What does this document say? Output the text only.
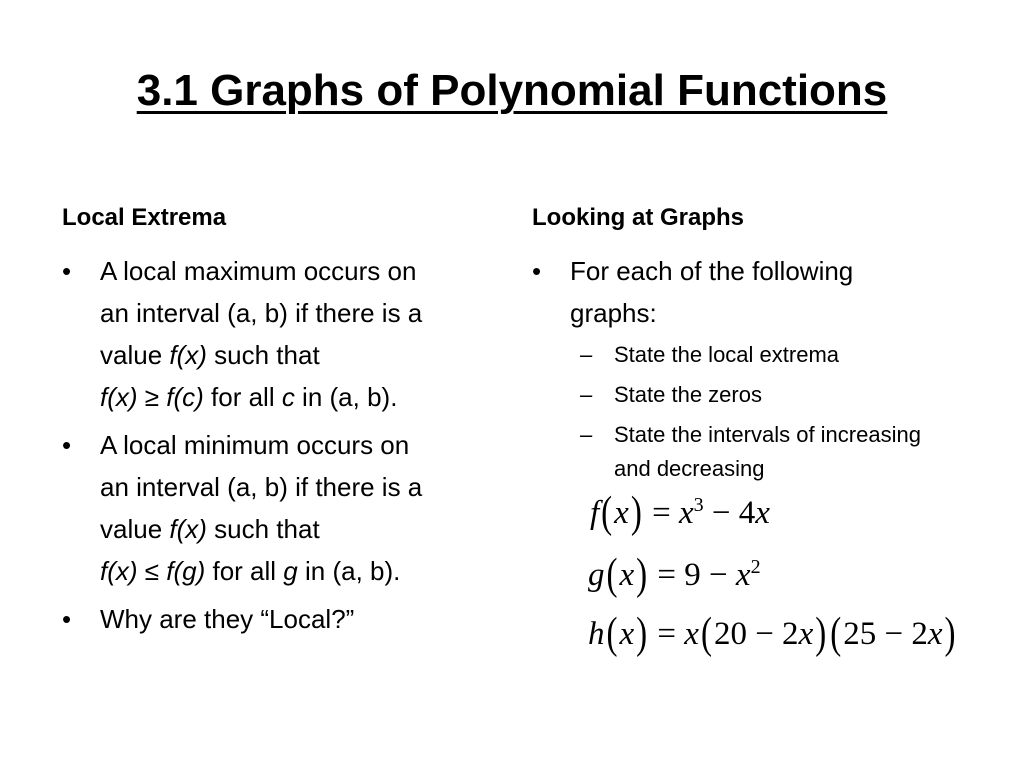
3.1 Graphs of Polynomial Functions
Local Extrema
• A local maximum occurs on
an interval (a, b) if there is a
value f(x) such that
f(x) ≥ f(c) for all c in (a, b).
• A local minimum occurs on
an interval (a, b) if there is a
value f(x) such that
f(x) ≤ f(g) for all g in (a, b).
• Why are they “Local?”
Looking at Graphs
• For each of the following graphs:
– State the local extrema
– State the zeros
– State the intervals of increasing and decreasing
$f(x) = x^3 - 4x$
$g(x) = 9 - x^2$
h(x) = x(20 − 2x) (25 − 2x)
